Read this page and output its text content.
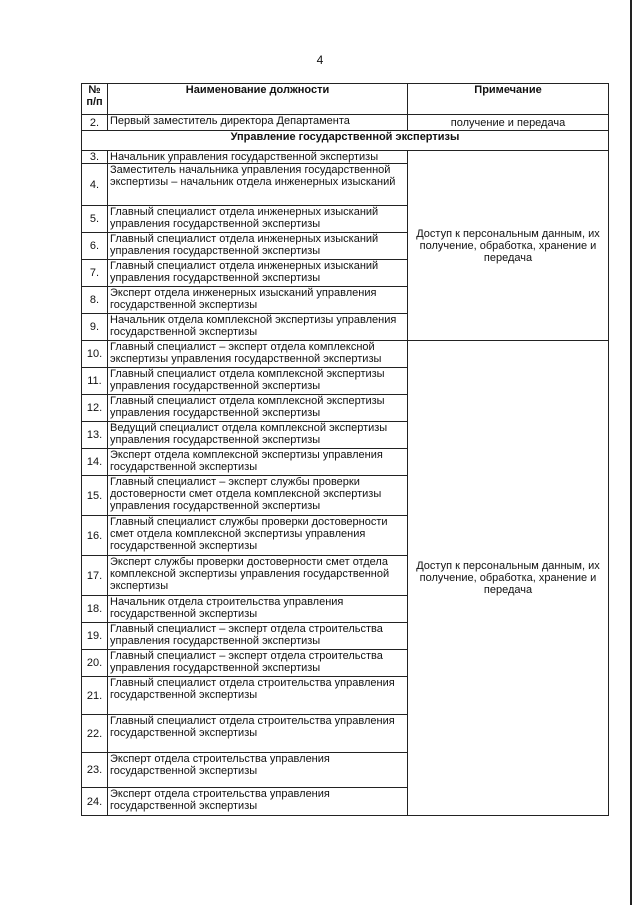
4
№ п/п	Наименование должности	Примечание
2.	Первый заместитель директора Департамента	получение и передача
Управление государственной экспертизы		
3.	Начальник управления государственной экспертизы	Доступ к персональным данным, их получение, обработка, хранение и передача
4.	Заместитель начальника управления государственной экспертизы – начальник отдела инженерных изысканий	
5.	Главный специалист отдела инженерных изысканий управления государственной экспертизы	
6.	Главный специалист отдела инженерных изысканий управления государственной экспертизы	
7.	Главный специалист отдела инженерных изысканий управления государственной экспертизы	
8.	Эксперт отдела инженерных изысканий управления государственной экспертизы	
9.	Начальник отдела комплексной экспертизы управления государственной экспертизы	
10.	Главный специалист – эксперт отдела комплексной экспертизы управления государственной экспертизы	Доступ к персональным данным, их получение, обработка, хранение и передача
11.	Главный специалист отдела комплексной экспертизы управления государственной экспертизы	
12.	Главный специалист отдела комплексной экспертизы управления государственной экспертизы	
13.	Ведущий специалист отдела комплексной экспертизы управления государственной экспертизы	
14.	Эксперт отдела комплексной экспертизы управления государственной экспертизы	
15.	Главный специалист – эксперт службы проверки достоверности смет отдела комплексной экспертизы управления государственной экспертизы	
16.	Главный специалист службы проверки достоверности смет отдела комплексной экспертизы управления государственной экспертизы	
17.	Эксперт службы проверки достоверности смет отдела комплексной экспертизы управления государственной экспертизы	
18.	Начальник отдела строительства управления государственной экспертизы	
19.	Главный специалист – эксперт отдела строительства управления государственной экспертизы	
20.	Главный специалист – эксперт отдела строительства управления государственной экспертизы	
21.	Главный специалист отдела строительства управления государственной экспертизы	
22.	Главный специалист отдела строительства управления государственной экспертизы	
23.	Эксперт отдела строительства управления государственной экспертизы	
24.	Эксперт отдела строительства управления государственной экспертизы	
